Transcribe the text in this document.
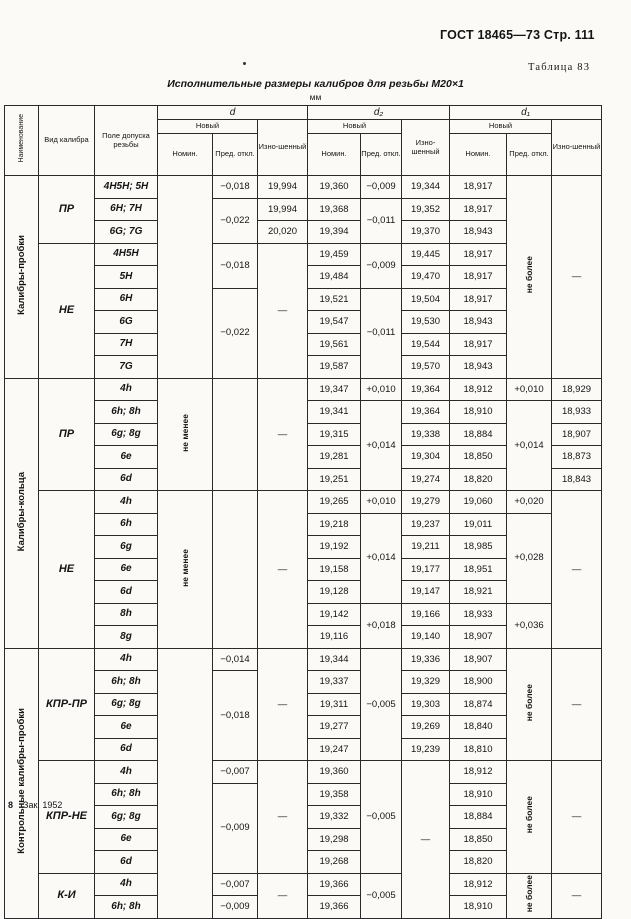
ГОСТ 18465—73 Стр. 111
Таблица 83
Исполнительные размеры калибров для резьбы М20×1
мм
Наименование	Вид калибра	Поле допуска резьбы	d			d₂			d₁		
			Новый		Изно-шенный	Новый		Изно-шенный	Новый		Изно-шенный
			Номин.	Пред. откл.		Номин.	Пред. откл.		Номин.	Пред. откл.	
Калибры-пробки	ПР	4H5H; 5H		−0,018	19,994	19,360	−0,009	19,344	18,917	не более	—
		6H; 7H		−0,022	19,994	19,368	−0,011	19,352	18,917		
		6G; 7G			20,020	19,394		19,370	18,943		
	НЕ	4H5H		−0,018	—	19,459	−0,009	19,445	18,917		
		5H				19,484		19,470	18,917		
		6H		−0,022		19,521	−0,011	19,504	18,917		
		6G				19,547		19,530	18,943		
		7H				19,561		19,544	18,917		
		7G				19,587		19,570	18,943		
Калибры-кольца	ПР	4h	не менее		—	19,347	+0,010	19,364	18,912	+0,010	18,929
		6h; 8h				19,341	+0,014	19,364	18,910	+0,014	18,933
		6g; 8g				19,315		19,338	18,884		18,907
		6e				19,281		19,304	18,850		18,873
		6d				19,251		19,274	18,820		18,843
	НЕ	4h	не менее		—	19,265	+0,010	19,279	19,060	+0,020	—
		6h				19,218	+0,014	19,237	19,011	+0,028	
		6g				19,192		19,211	18,985		
		6e				19,158		19,177	18,951		
		6d				19,128		19,147	18,921		
		8h				19,142	+0,018	19,166	18,933	+0,036	
		8g				19,116		19,140	18,907		
Контрольные калибры-пробки	КПР-ПР	4h		−0,014	—	19,344	−0,005	19,336	18,907	не более	—
		6h; 8h		−0,018		19,337		19,329	18,900		
		6g; 8g				19,311		19,303	18,874		
		6e				19,277		19,269	18,840		
		6d				19,247		19,239	18,810		
	КПР-НЕ	4h		−0,007	—	19,360	−0,005	—	18,912	не более	—
		6h; 8h		−0,009		19,358			18,910		
		6g; 8g				19,332			18,884		
		6e				19,298			18,850		
		6d				19,268			18,820		
	К-И	4h		−0,007	—	19,366	−0,005		18,912	не более	—
		6h; 8h		−0,009		19,366			18,910		
8 Зак. 1952
